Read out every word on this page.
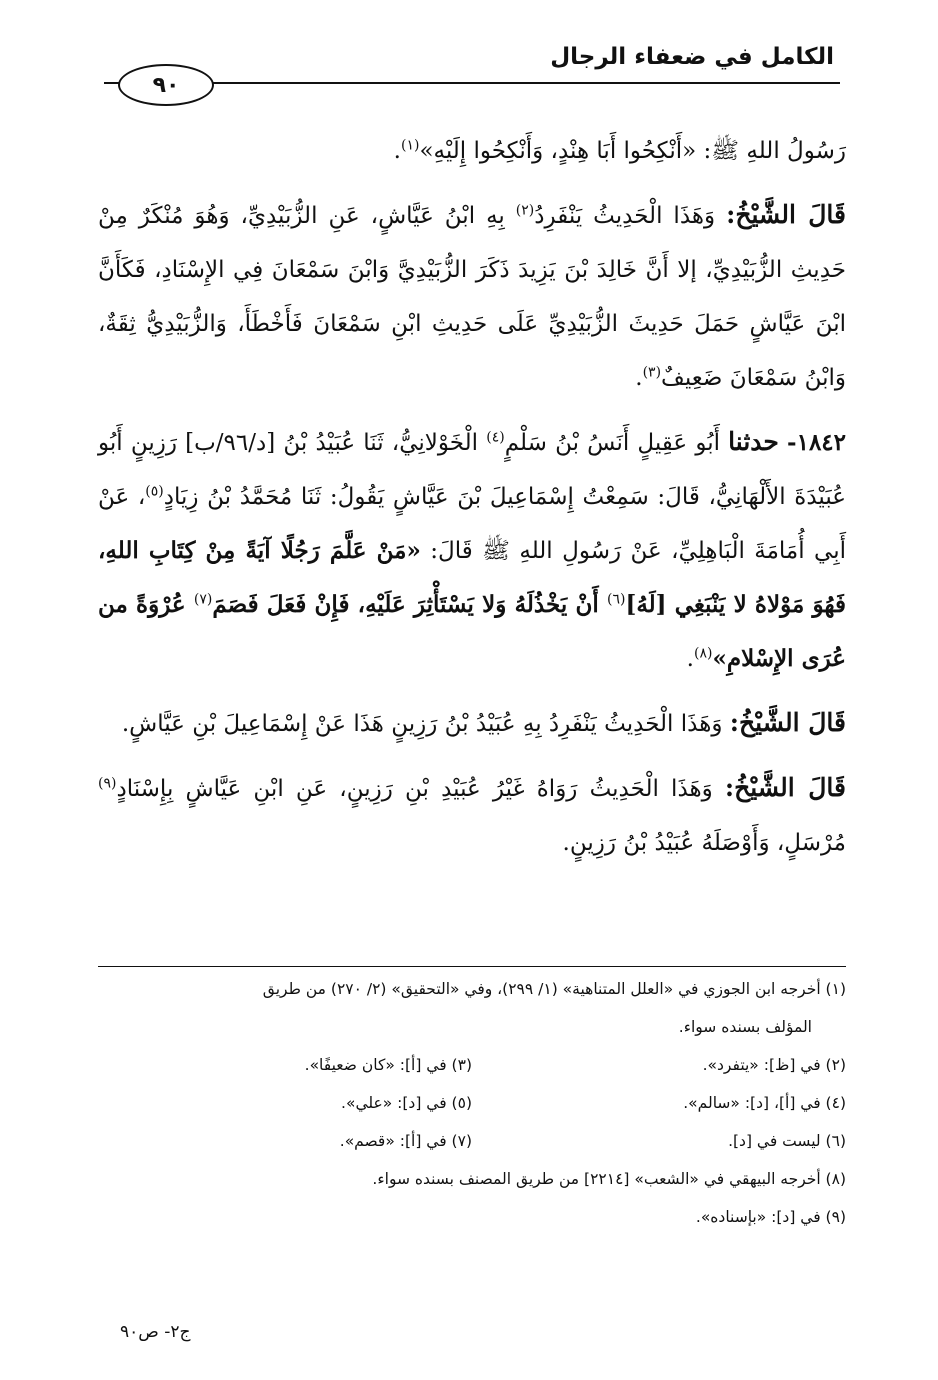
الكامل في ضعفاء الرجال
٩٠

رَسُولُ اللهِ ﷺ: «أَنْكِحُوا أَبَا هِنْدٍ، وَأَنْكِحُوا إِلَيْهِ»$^{(١)}$.

قَالَ الشَّيْخُ: وَهَذَا الْحَدِيثُ يَنْفَرِدُ$^{(٢)}$ بِهِ ابْنُ عَيَّاشٍ، عَنِ الزُّبَيْدِيِّ، وَهُوَ مُنْكَرٌ مِنْ حَدِيثِ الزُّبَيْدِيِّ، إلا أَنَّ خَالِدَ بْنَ يَزِيدَ ذَكَرَ الزُّبَيْدِيَّ وَابْنَ سَمْعَانَ فِي الإِسْنَادِ، فَكَأَنَّ ابْنَ عَيَّاشٍ حَمَلَ حَدِيثَ الزُّبَيْدِيِّ عَلَى حَدِيثِ ابْنِ سَمْعَانَ فَأَخْطَأَ، وَالزُّبَيْدِيُّ ثِقَةٌ، وَابْنُ سَمْعَانَ ضَعِيفٌ$^{(٣)}$.

١٨٤٢- حدثنا أَبُو عَقِيلٍ أَنَسُ بْنُ سَلْمٍ$^{(٤)}$ الْخَوْلانِيُّ، ثَنَا عُبَيْدُ بْنُ [د/٩٦/ب] رَزِينٍ أَبُو عُبَيْدَةَ الأَلْهَانِيُّ، قَالَ: سَمِعْتُ إِسْمَاعِيلَ بْنَ عَيَّاشٍ يَقُولُ: ثَنَا مُحَمَّدُ بْنُ زِيَادٍ$^{(٥)}$، عَنْ أَبِي أُمَامَةَ الْبَاهِلِيِّ، عَنْ رَسُولِ اللهِ ﷺ قَالَ: «مَنْ عَلَّمَ رَجُلًا آيَةً مِنْ كِتَابِ اللهِ، فَهُوَ مَوْلاهُ لا يَنْبَغِي [لَهُ]$^{(٦)}$ أَنْ يَخْذُلَهُ وَلا يَسْتَأْثِرَ عَلَيْهِ، فَإِنْ فَعَلَ فَصَمَ$^{(٧)}$ عُرْوَةً من عُرَى الإِسْلامِ»$^{(٨)}$.

قَالَ الشَّيْخُ: وَهَذَا الْحَدِيثُ يَنْفَرِدُ بِهِ عُبَيْدُ بْنُ رَزِينٍ هَذَا عَنْ إِسْمَاعِيلَ بْنِ عَيَّاشٍ.

قَالَ الشَّيْخُ: وَهَذَا الْحَدِيثُ رَوَاهُ غَيْرُ عُبَيْدِ بْنِ رَزِينٍ، عَنِ ابْنِ عَيَّاشٍ بِإِسْنَادٍ$^{(٩)}$ مُرْسَلٍ، وَأَوْصَلَهُ عُبَيْدُ بْنُ رَزِينٍ.

(١) أخرجه ابن الجوزي في «العلل المتناهية» (١/ ٢٩٩)، وفي «التحقيق» (٢/ ٢٧٠) من طريق
المؤلف بسنده سواء.
(٢) في [ظ]: «يتفرد».
(٣) في [أ]: «كان ضعيفًا».
(٤) في [أ]، [د]: «سالم».
(٥) في [د]: «علي».
(٦) ليست في [د].
(٧) في [أ]: «قصم».
(٨) أخرجه البيهقي في «الشعب» [٢٢١٤] من طريق المصنف بسنده سواء.
(٩) في [د]: «بإسناده».
ج٢- ص٩٠
